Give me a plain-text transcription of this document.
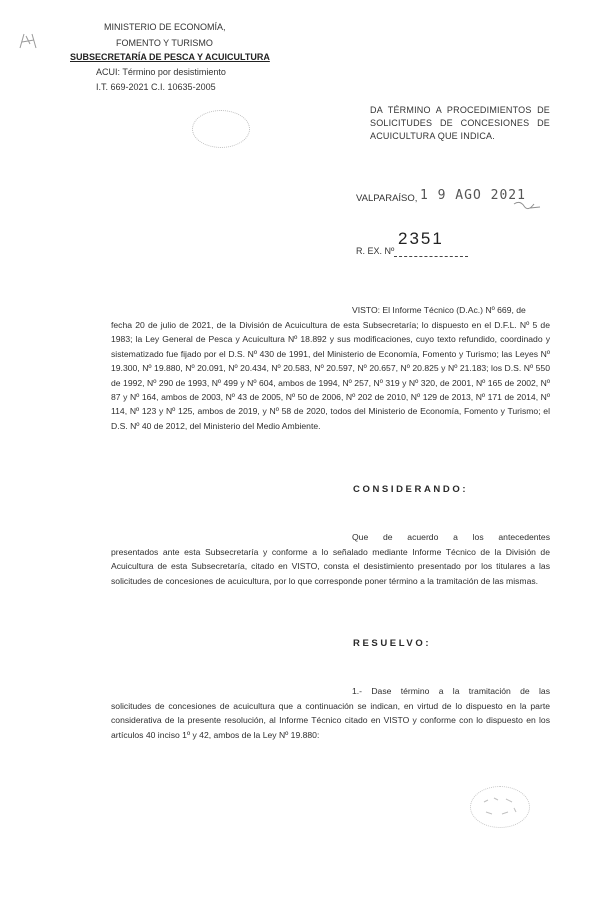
MINISTERIO DE ECONOMÍA,
FOMENTO Y TURISMO
SUBSECRETARÍA DE PESCA Y ACUICULTURA
ACUI: Término por desistimiento
I.T. 669-2021 C.I. 10635-2005
DA TÉRMINO A PROCEDIMIENTOS DE SOLICITUDES DE CONCESIONES DE ACUICULTURA QUE INDICA.
VALPARAÍSO, 1 9 AGO 2021
R. EX. Nº
2351
VISTO: El Informe Técnico (D.Ac.) Nº 669, de
fecha 20 de julio de 2021, de la División de Acuicultura de esta Subsecretaría; lo dispuesto en el D.F.L. Nº 5 de 1983; la Ley General de Pesca y Acuicultura Nº 18.892 y sus modificaciones, cuyo texto refundido, coordinado y sistematizado fue fijado por el D.S. Nº 430 de 1991, del Ministerio de Economía, Fomento y Turismo; las Leyes Nº 19.300, Nº 19.880, Nº 20.091, Nº 20.434, Nº 20.583, Nº 20.597, Nº 20.657, Nº 20.825 y Nº 21.183; los D.S. Nº 550 de 1992, Nº 290 de 1993, Nº 499 y Nº 604, ambos de 1994, Nº 257, Nº 319 y Nº 320, de 2001, Nº 165 de 2002, Nº 87 y Nº 164, ambos de 2003, Nº 43 de 2005, Nº 50 de 2006, Nº 202 de 2010, Nº 129 de 2013, Nº 171 de 2014, Nº 114, Nº 123 y Nº 125, ambos de 2019, y Nº 58 de 2020, todos del Ministerio de Economía, Fomento y Turismo; el D.S. Nº 40 de 2012, del Ministerio del Medio Ambiente.
CONSIDERANDO:
Que de acuerdo a los antecedentes
presentados ante esta Subsecretaría y conforme a lo señalado mediante Informe Técnico de la División de Acuicultura de esta Subsecretaría, citado en VISTO, consta el desistimiento presentado por los titulares a las solicitudes de concesiones de acuicultura, por lo que corresponde poner término a la tramitación de las mismas.
RESUELVO:
1.- Dase término a la tramitación de las
solicitudes de concesiones de acuicultura que a continuación se indican, en virtud de lo dispuesto en la parte considerativa de la presente resolución, al Informe Técnico citado en VISTO y conforme con lo dispuesto en los artículos 40 inciso 1º y 42, ambos de la Ley Nº 19.880:
